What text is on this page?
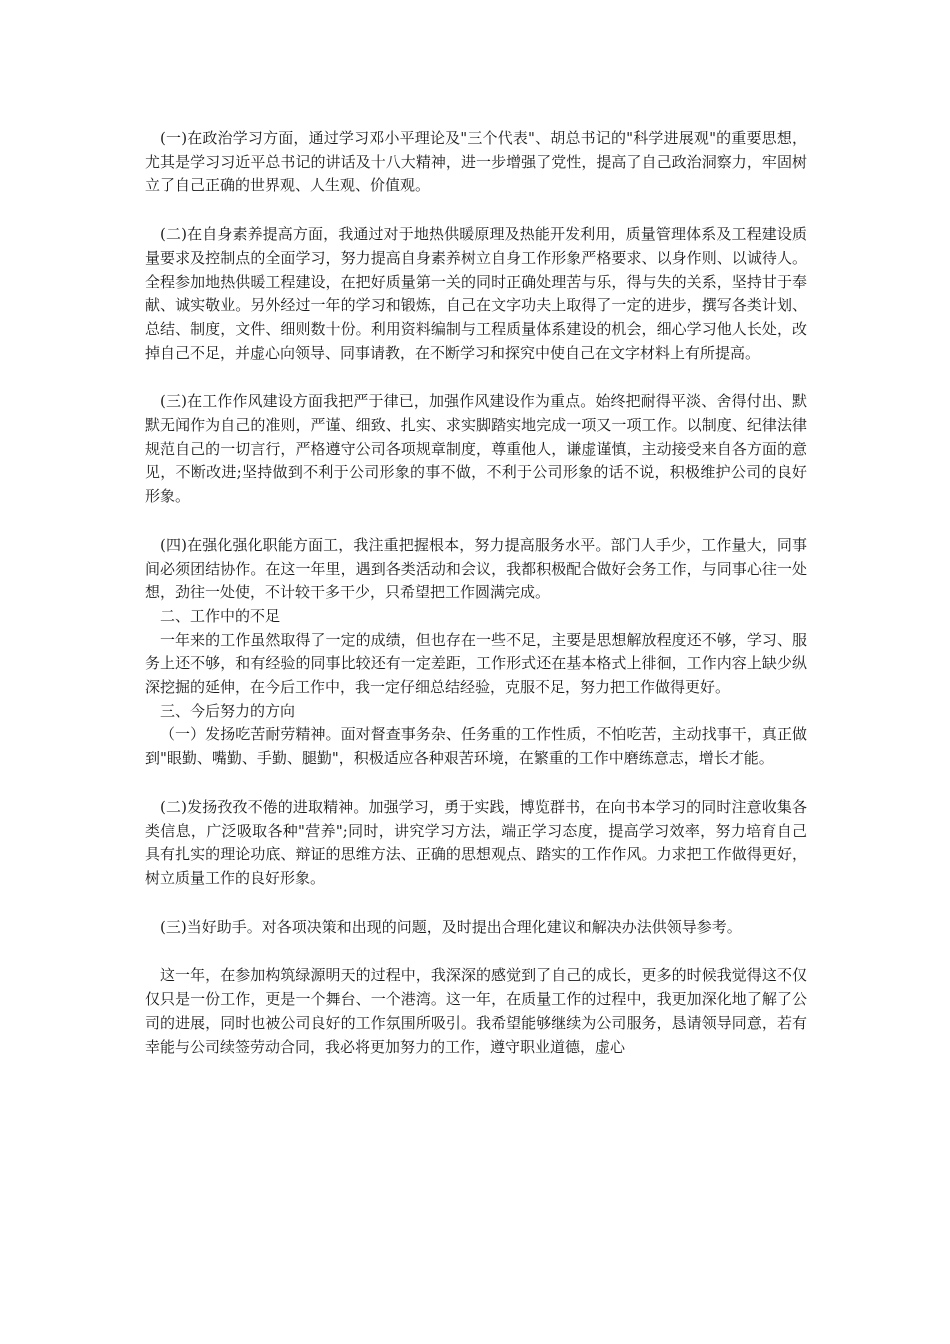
(一)在政治学习方面，通过学习邓小平理论及"三个代表"、胡总书记的"科学进展观"的重要思想，尤其是学习习近平总书记的讲话及十八大精神，进一步增强了党性，提高了自己政治洞察力，牢固树立了自己正确的世界观、人生观、价值观。

(二)在自身素养提高方面，我通过对于地热供暖原理及热能开发利用，质量管理体系及工程建设质量要求及控制点的全面学习，努力提高自身素养树立自身工作形象严格要求、以身作则、以诚待人。全程参加地热供暖工程建设，在把好质量第一关的同时正确处理苦与乐，得与失的关系，坚持甘于奉献、诚实敬业。另外经过一年的学习和锻炼，自己在文字功夫上取得了一定的进步，撰写各类计划、总结、制度，文件、细则数十份。利用资料编制与工程质量体系建设的机会，细心学习他人长处，改掉自己不足，并虚心向领导、同事请教，在不断学习和探究中使自己在文字材料上有所提高。

(三)在工作作风建设方面我把严于律已，加强作风建设作为重点。始终把耐得平淡、舍得付出、默默无闻作为自己的准则，严谨、细致、扎实、求实脚踏实地完成一项又一项工作。以制度、纪律法律规范自己的一切言行，严格遵守公司各项规章制度，尊重他人，谦虚谨慎，主动接受来自各方面的意见，不断改进;坚持做到不利于公司形象的事不做，不利于公司形象的话不说，积极维护公司的良好形象。

(四)在强化强化职能方面工，我注重把握根本，努力提高服务水平。部门人手少，工作量大，同事间必须团结协作。在这一年里，遇到各类活动和会议，我都积极配合做好会务工作，与同事心往一处想，劲往一处使，不计较干多干少，只希望把工作圆满完成。

二、工作中的不足

一年来的工作虽然取得了一定的成绩，但也存在一些不足，主要是思想解放程度还不够，学习、服务上还不够，和有经验的同事比较还有一定差距，工作形式还在基本格式上徘徊，工作内容上缺少纵深挖掘的延伸，在今后工作中，我一定仔细总结经验，克服不足，努力把工作做得更好。

三、今后努力的方向

（一）发扬吃苦耐劳精神。面对督查事务杂、任务重的工作性质，不怕吃苦，主动找事干，真正做到"眼勤、嘴勤、手勤、腿勤"，积极适应各种艰苦环境，在繁重的工作中磨练意志，增长才能。

(二)发扬孜孜不倦的进取精神。加强学习，勇于实践，博览群书，在向书本学习的同时注意收集各类信息，广泛吸取各种"营养";同时，讲究学习方法，端正学习态度，提高学习效率，努力培育自己具有扎实的理论功底、辩证的思维方法、正确的思想观点、踏实的工作作风。力求把工作做得更好，树立质量工作的良好形象。

(三)当好助手。对各项决策和出现的问题，及时提出合理化建议和解决办法供领导参考。

这一年，在参加构筑绿源明天的过程中，我深深的感觉到了自己的成长，更多的时候我觉得这不仅仅只是一份工作，更是一个舞台、一个港湾。这一年，在质量工作的过程中，我更加深化地了解了公司的进展，同时也被公司良好的工作氛围所吸引。我希望能够继续为公司服务，恳请领导同意，若有幸能与公司续签劳动合同，我必将更加努力的工作，遵守职业道德，虚心
